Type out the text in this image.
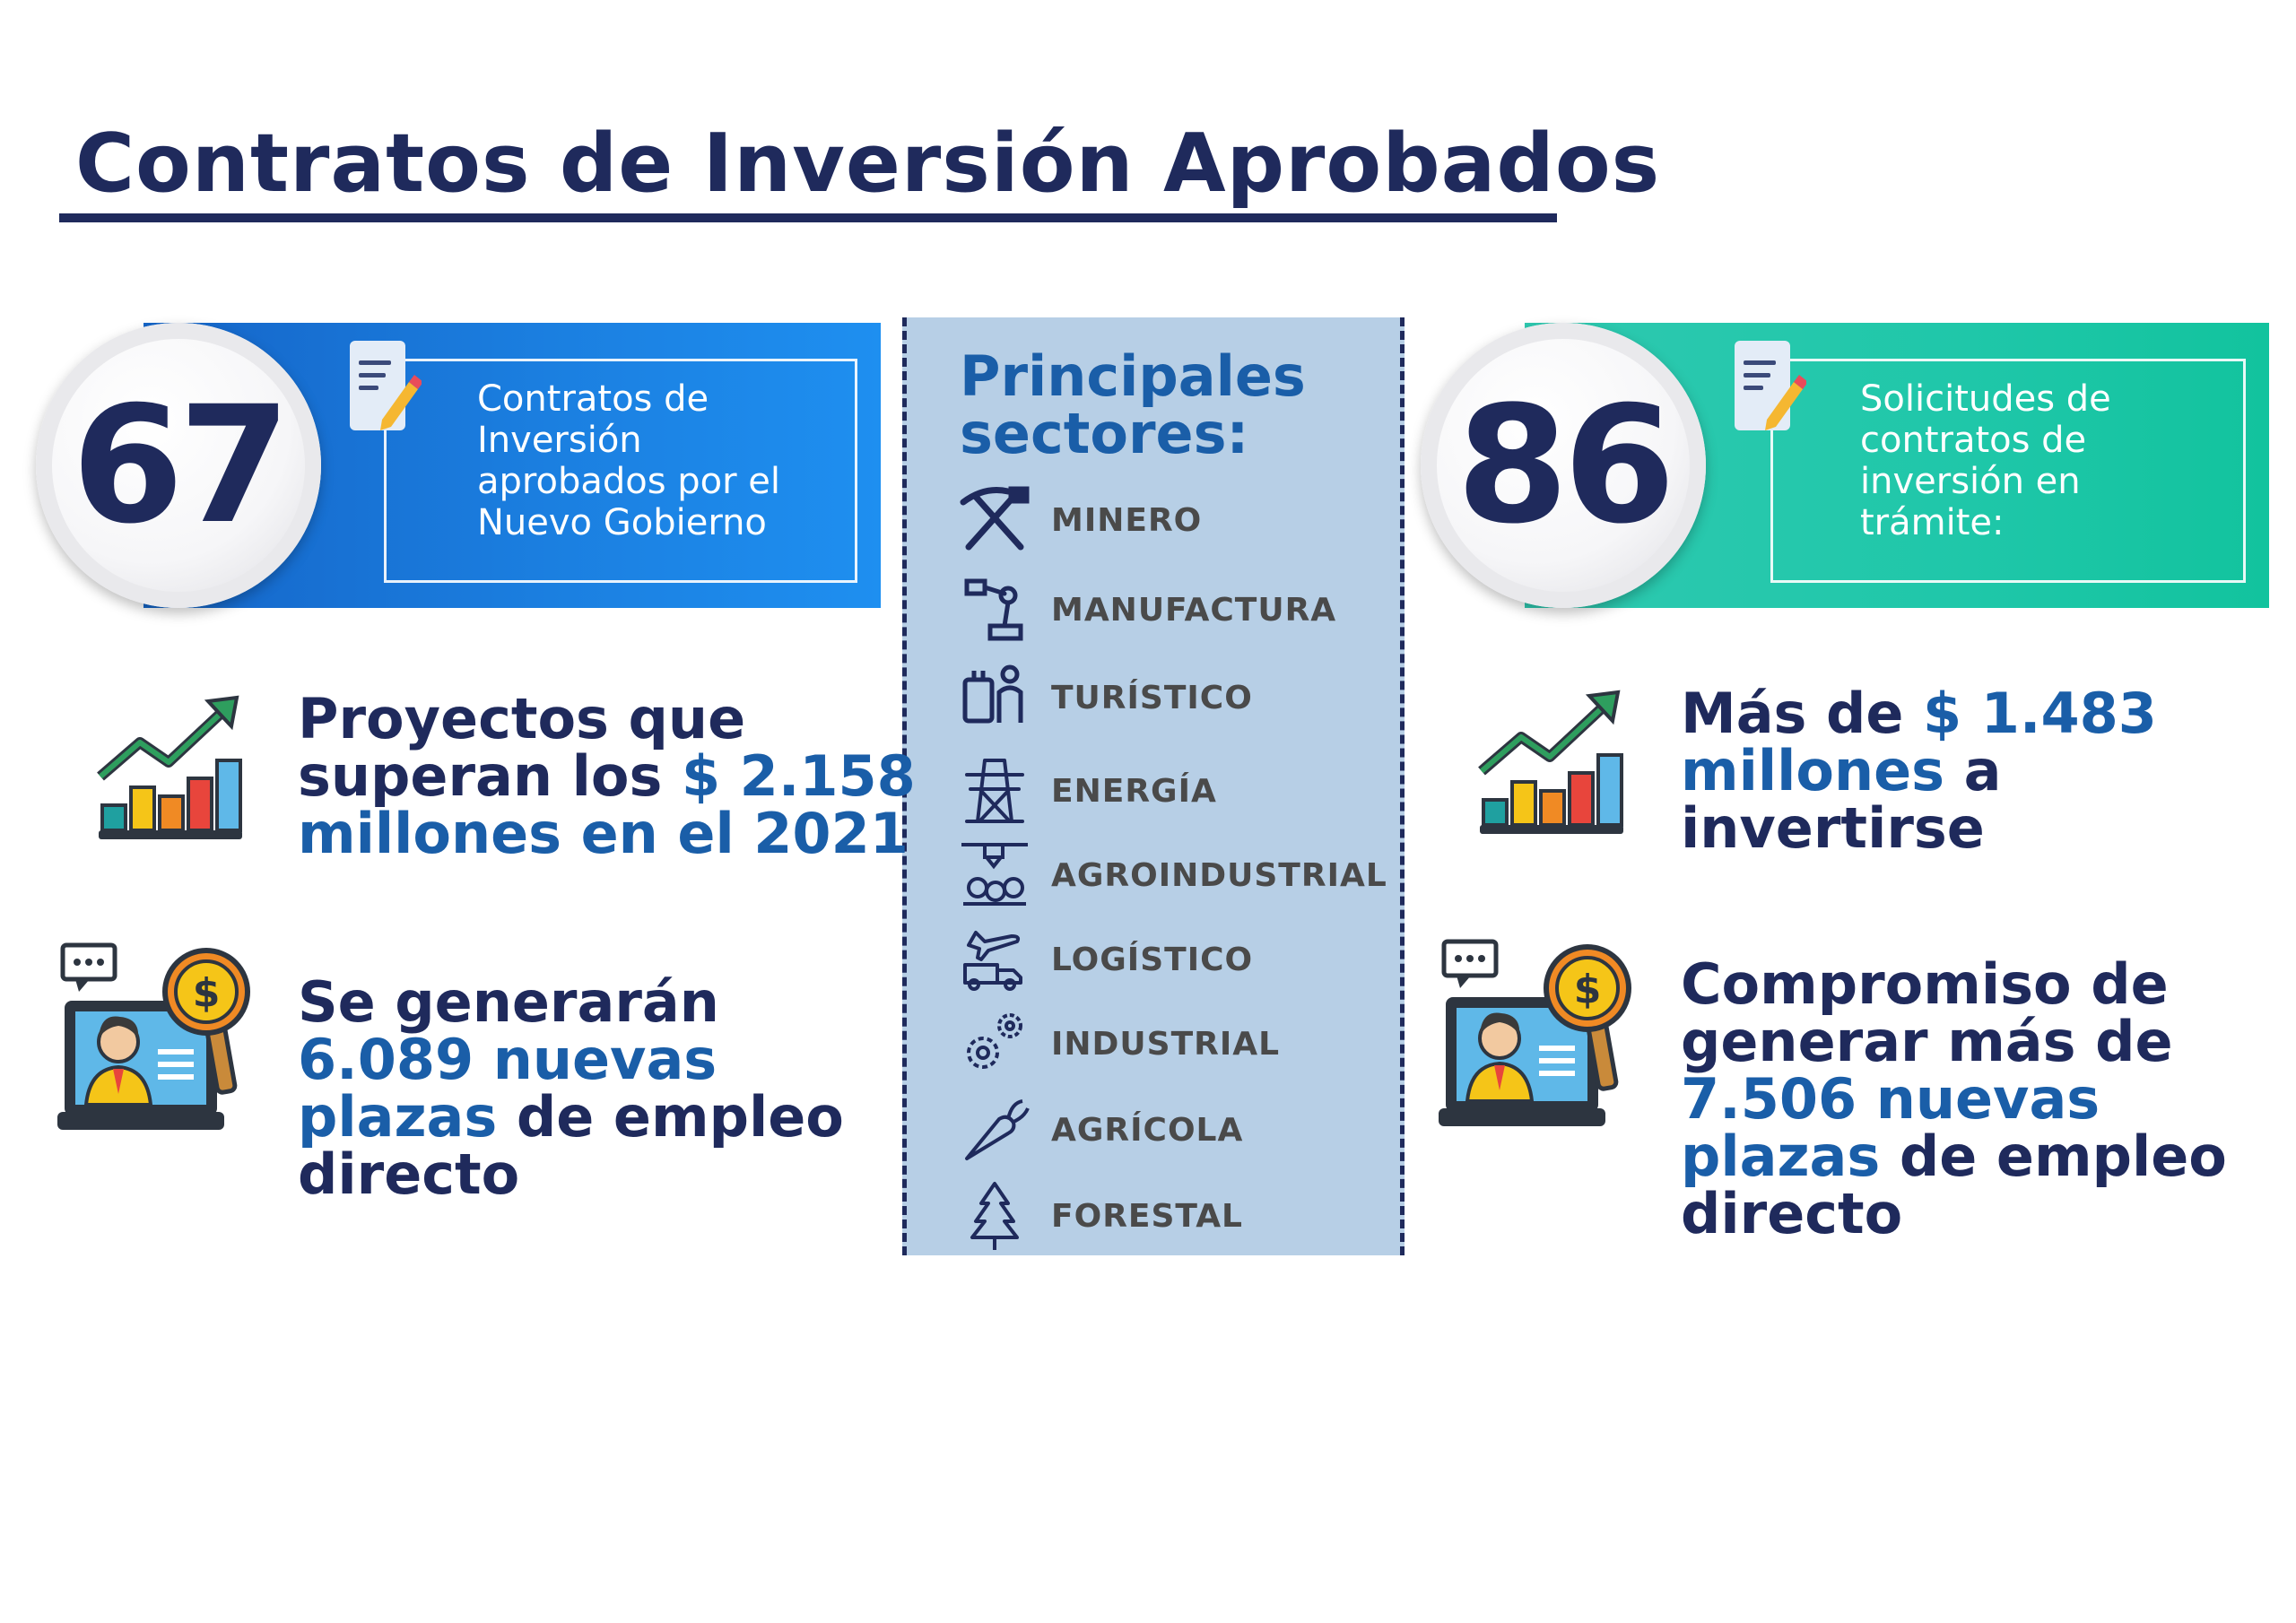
Contratos de Inversión Aprobados
Contratos de
Inversión
aprobados por el
Nuevo Gobierno
67	Solicitudes de
contratos de
inversión en
trámite:
86
Principales
sectores:
MINERO
MANUFACTURA
TURÍSTICO
ENERGÍA
AGROINDUSTRIAL
LOGÍSTICO
INDUSTRIAL
AGRÍCOLA
FORESTAL
$	$
Proyectos que
superan los $ 2.158
millones en el 2021
Se generarán
6.089 nuevas
plazas de empleo
directo
Más de $ 1.483
millones a
invertirse
Compromiso de
generar más de
7.506 nuevas
plazas de empleo
directo
